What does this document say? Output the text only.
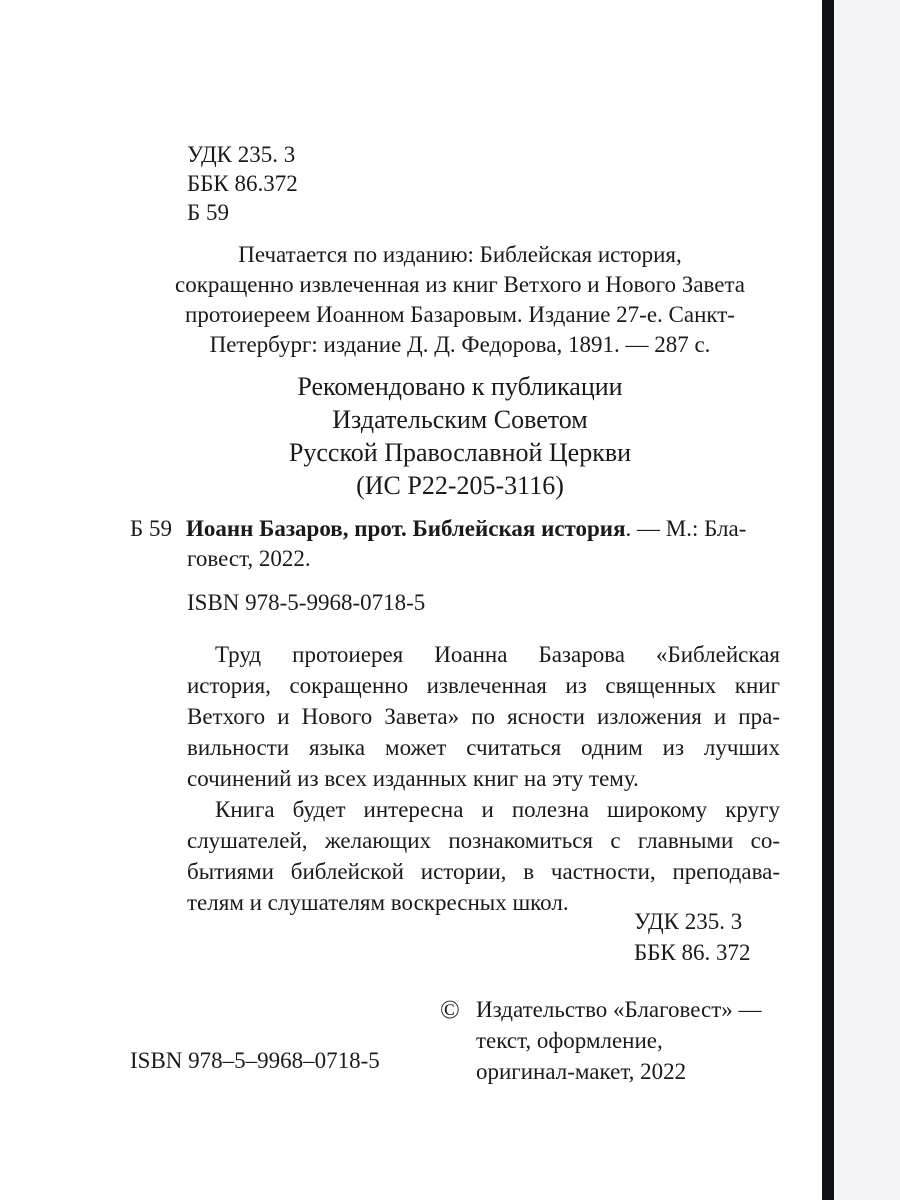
УДК 235. 3
ББК 86.372
Б 59
Печатается по изданию: Библейская история,
сокращенно извлеченная из книг Ветхого и Нового Завета
протоиереем Иоанном Базаровым. Издание 27-е. Санкт-
Петербург: издание Д. Д. Федорова, 1891. — 287 с.
Рекомендовано к публикации
Издательским Советом
Русской Православной Церкви
(ИС Р22-205-3116)
Б 59 Иоанн Базаров, прот. Библейская история. — М.: Бла-
говест, 2022.
ISBN 978-5-9968-0718-5
Труд протоиерея Иоанна Базарова «Библейская
история, сокращенно извлеченная из священных книг
Ветхого и Нового Завета» по ясности изложения и пра-
вильности языка может считаться одним из лучших
сочинений из всех изданных книг на эту тему.
Книга будет интересна и полезна широкому кругу
слушателей, желающих познакомиться с главными со-
бытиями библейской истории, в частности, преподава-
телям и слушателям воскресных школ.
УДК 235. 3
ББК 86. 372
ISBN 978–5–9968–0718-5
© Издательство «Благовест» —
текст, оформление,
оригинал-макет, 2022
